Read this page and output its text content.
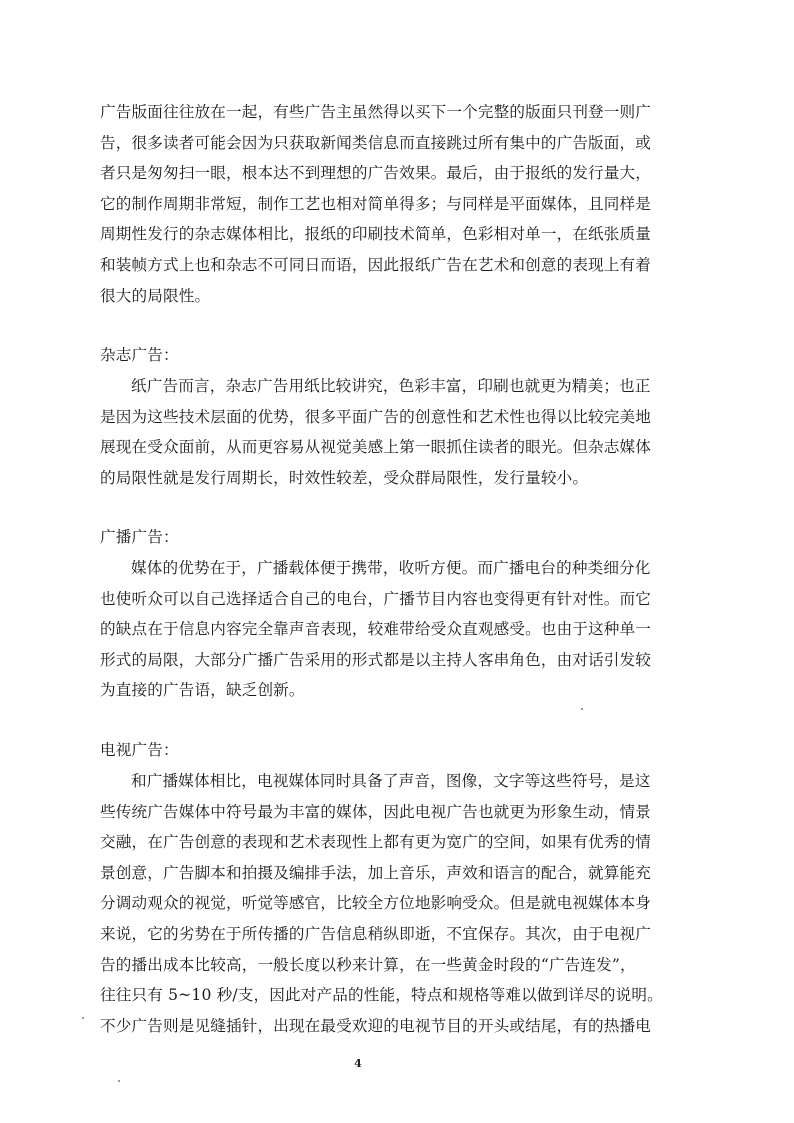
广告版面往往放在一起，有些广告主虽然得以买下一个完整的版面只刊登一则广
告，很多读者可能会因为只获取新闻类信息而直接跳过所有集中的广告版面，或
者只是匆匆扫一眼，根本达不到理想的广告效果。最后，由于报纸的发行量大，
它的制作周期非常短，制作工艺也相对简单得多；与同样是平面媒体，且同样是
周期性发行的杂志媒体相比，报纸的印刷技术简单，色彩相对单一，在纸张质量
和装帧方式上也和杂志不可同日而语，因此报纸广告在艺术和创意的表现上有着
很大的局限性。
杂志广告：
纸广告而言，杂志广告用纸比较讲究，色彩丰富，印刷也就更为精美；也正
是因为这些技术层面的优势，很多平面广告的创意性和艺术性也得以比较完美地
展现在受众面前，从而更容易从视觉美感上第一眼抓住读者的眼光。但杂志媒体
的局限性就是发行周期长，时效性较差，受众群局限性，发行量较小。
广播广告：
媒体的优势在于，广播载体便于携带，收听方便。而广播电台的种类细分化
也使听众可以自己选择适合自己的电台，广播节目内容也变得更有针对性。而它
的缺点在于信息内容完全靠声音表现，较难带给受众直观感受。也由于这种单一
形式的局限，大部分广播广告采用的形式都是以主持人客串角色，由对话引发较
为直接的广告语，缺乏创新。
电视广告：
和广播媒体相比，电视媒体同时具备了声音，图像，文字等这些符号，是这
些传统广告媒体中符号最为丰富的媒体，因此电视广告也就更为形象生动，情景
交融，在广告创意的表现和艺术表现性上都有更为宽广的空间，如果有优秀的情
景创意，广告脚本和拍摄及编排手法，加上音乐，声效和语言的配合，就算能充
分调动观众的视觉，听觉等感官，比较全方位地影响受众。但是就电视媒体本身
来说，它的劣势在于所传播的广告信息稍纵即逝，不宜保存。其次，由于电视广
告的播出成本比较高，一般长度以秒来计算，在一些黄金时段的“广告连发”，
往往只有 5~10 秒/支，因此对产品的性能，特点和规格等难以做到详尽的说明。
不少广告则是见缝插针，出现在最受欢迎的电视节目的开头或结尾，有的热播电
4
